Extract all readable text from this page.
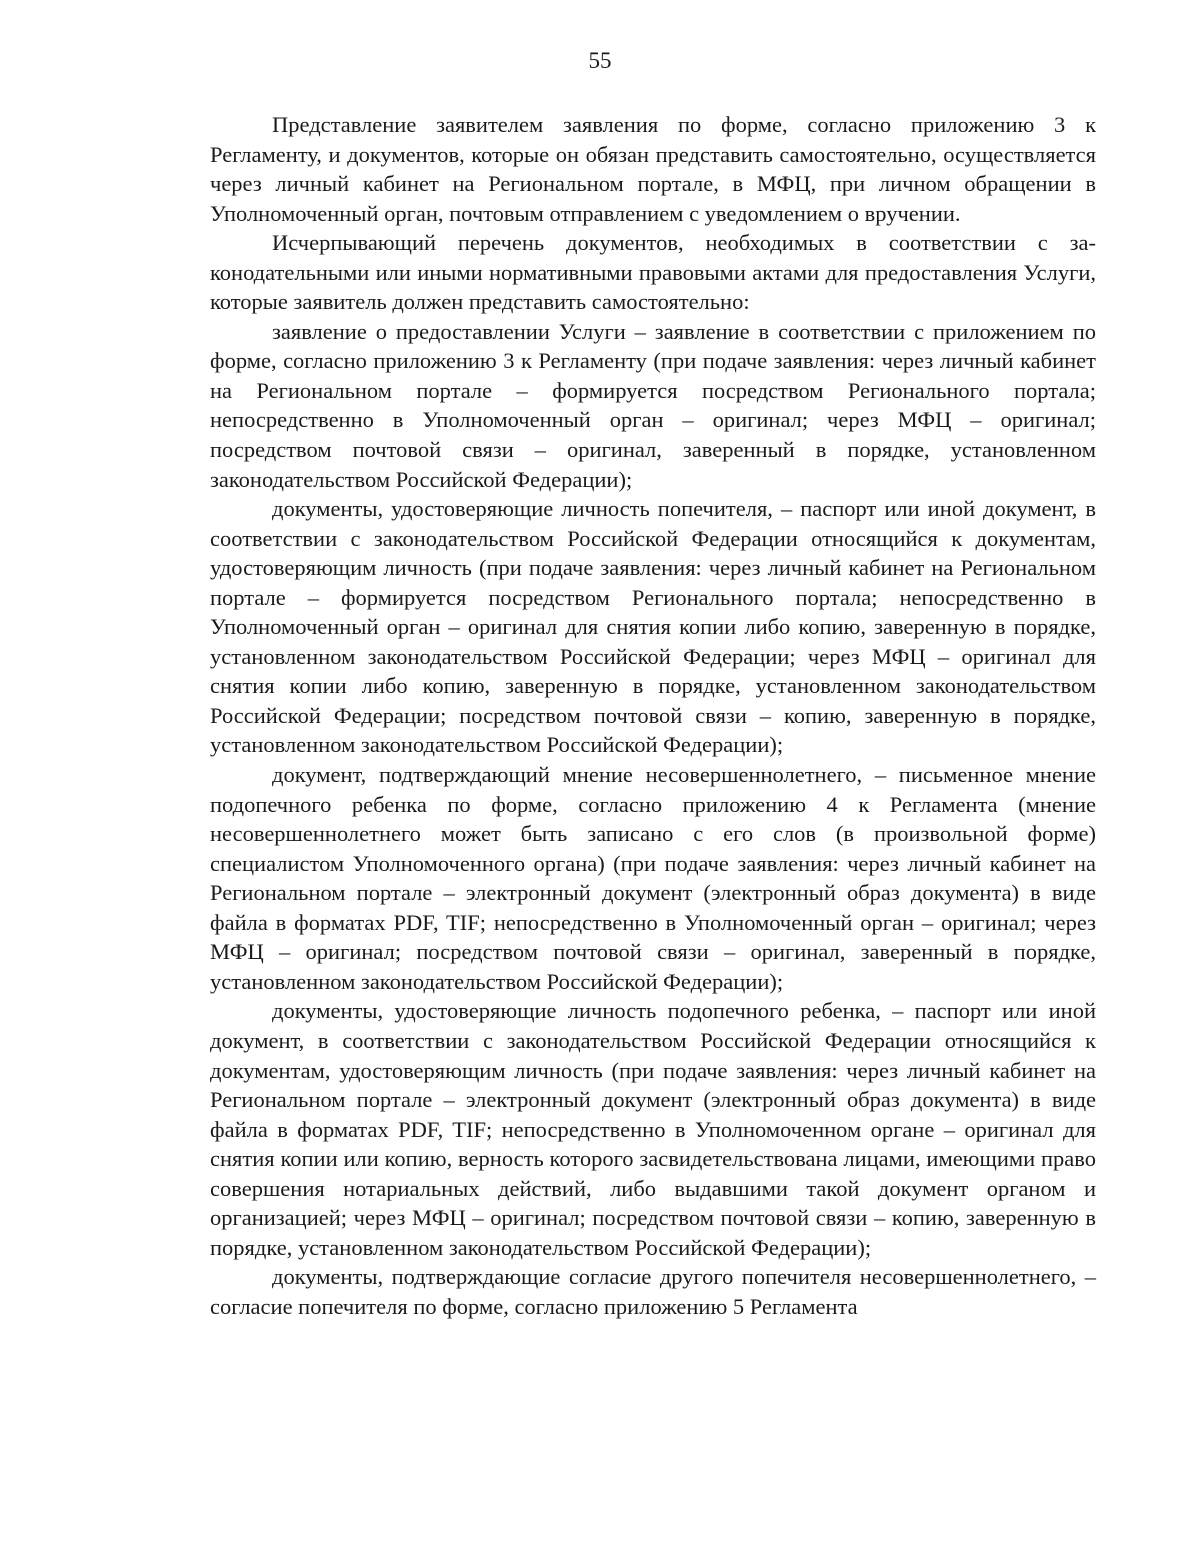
55

Представление заявителем заявления по форме, согласно приложению 3 к Регламенту, и документов, которые он обязан представить самостоятельно, осуществляется через личный кабинет на Региональном портале, в МФЦ, при личном обращении в Уполномоченный орган, почтовым отправлением с уведомлением о вручении.

Исчерпывающий перечень документов, необходимых в соответствии с законодательными или иными нормативными правовыми актами для предоставления Услуги, которые заявитель должен представить самостоятельно:

заявление о предоставлении Услуги – заявление в соответствии с приложением по форме, согласно приложению 3 к Регламенту (при подаче заявления: через личный кабинет на Региональном портале – формируется посредством Регионального портала; непосредственно в Уполномоченный орган – оригинал; через МФЦ – оригинал; посредством почтовой связи – оригинал, заверенный в порядке, установленном законодательством Российской Федерации);

документы, удостоверяющие личность попечителя, – паспорт или иной документ, в соответствии с законодательством Российской Федерации относящийся к документам, удостоверяющим личность (при подаче заявления: через личный кабинет на Региональном портале – формируется посредством Регионального портала; непосредственно в Уполномоченный орган – оригинал для снятия копии либо копию, заверенную в порядке, установленном законодательством Российской Федерации; через МФЦ – оригинал для снятия копии либо копию, заверенную в порядке, установленном законодательством Российской Федерации; посредством почтовой связи – копию, заверенную в порядке, установленном законодательством Российской Федерации);

документ, подтверждающий мнение несовершеннолетнего, – письменное мнение подопечного ребенка по форме, согласно приложению 4 к Регламента (мнение несовершеннолетнего может быть записано с его слов (в произвольной форме) специалистом Уполномоченного органа) (при подаче заявления: через личный кабинет на Региональном портале – электронный документ (электронный образ документа) в виде файла в форматах PDF, TIF; непосредственно в Уполномоченный орган – оригинал; через МФЦ – оригинал; посредством почтовой связи – оригинал, заверенный в порядке, установленном законодательством Российской Федерации);

документы, удостоверяющие личность подопечного ребенка, – паспорт или иной документ, в соответствии с законодательством Российской Федерации относящийся к документам, удостоверяющим личность (при подаче заявления: через личный кабинет на Региональном портале – электронный документ (электронный образ документа) в виде файла в форматах PDF, TIF; непосредственно в Уполномоченном органе – оригинал для снятия копии или копию, верность которого засвидетельствована лицами, имеющими право совершения нотариальных действий, либо выдавшими такой документ органом и организацией; через МФЦ – оригинал; посредством почтовой связи – копию, заверенную в порядке, установленном законодательством Российской Федерации);

документы, подтверждающие согласие другого попечителя несовершеннолетнего, – согласие попечителя по форме, согласно приложению 5 Регламента
